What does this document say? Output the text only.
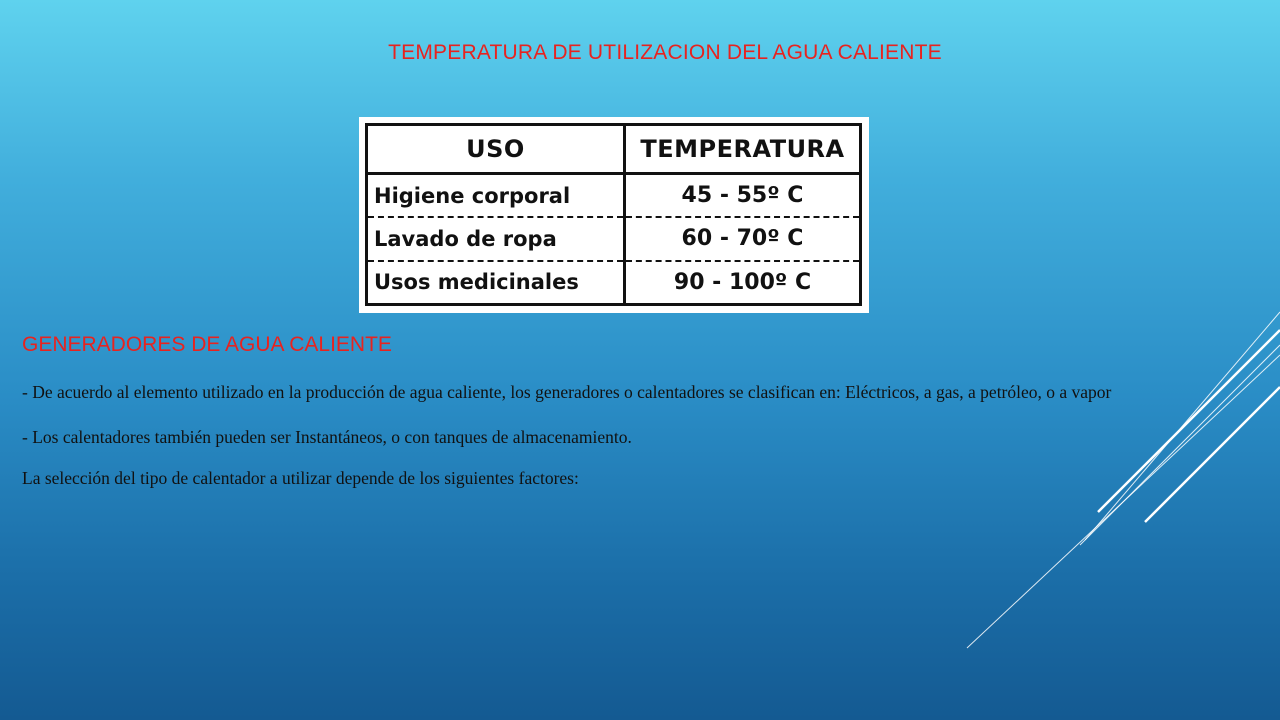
TEMPERATURA DE UTILIZACION DEL AGUA CALIENTE
USO	TEMPERATURA
Higiene corporal	45 - 55º C
Lavado de ropa	60 - 70º C
Usos medicinales	90 - 100º C
GENERADORES DE AGUA CALIENTE

- De acuerdo al elemento utilizado en la producción de agua caliente, los generadores o calentadores se clasifican en: Eléctricos, a gas, a petróleo, o a vapor

- Los calentadores también pueden ser Instantáneos, o con tanques de almacenamiento.

La selección del tipo de calentador a utilizar depende de los siguientes factores:
